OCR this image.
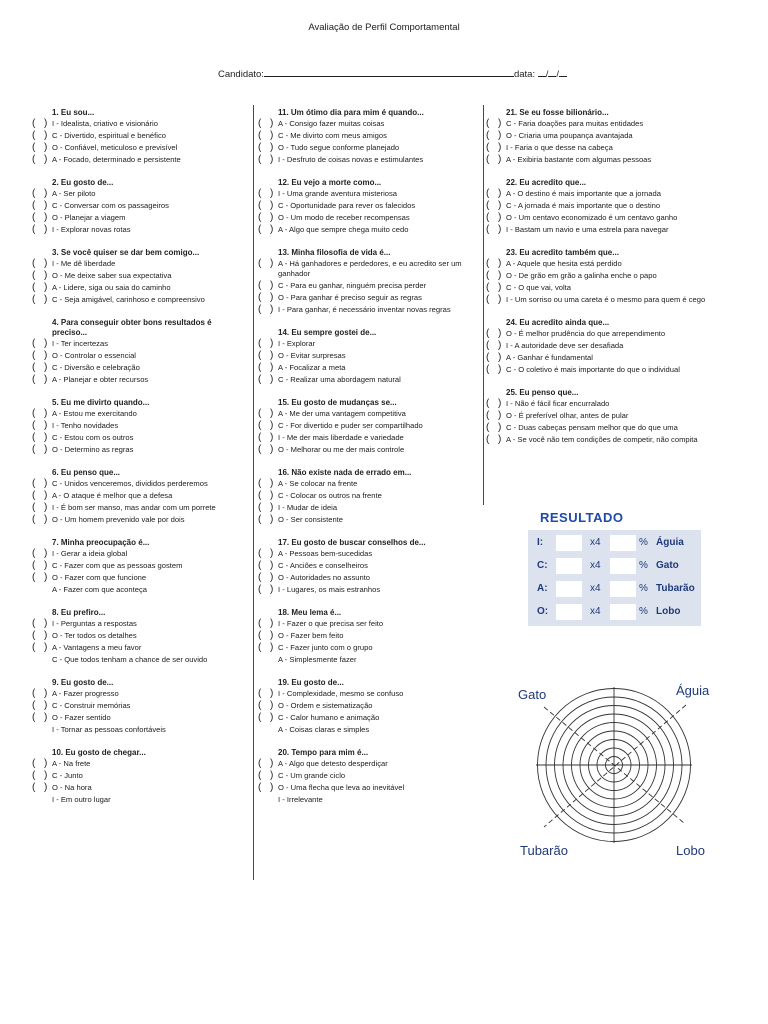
Avaliação de Perfil Comportamental
Candidato:	data: / /
1. Eu sou...
( ) I - Idealista, criativo e visionário
( ) C - Divertido, espiritual e benéfico
( ) O - Confiável, meticuloso e previsível
( ) A - Focado, determinado e persistente
2. Eu gosto de...
( ) A - Ser piloto
( ) C - Conversar com os passageiros
( ) O - Planejar a viagem
( ) I - Explorar novas rotas
3. Se você quiser se dar bem comigo...
( ) I - Me dê liberdade
( ) O - Me deixe saber sua expectativa
( ) A - Lidere, siga ou saia do caminho
( ) C - Seja amigável, carinhoso e compreensivo
4. Para conseguir obter bons resultados é preciso...
( ) I - Ter incertezas
( ) O - Controlar o essencial
( ) C - Diversão e celebração
( ) A - Planejar e obter recursos
5. Eu me divirto quando...
( ) A - Estou me exercitando
( ) I - Tenho novidades
( ) C - Estou com os outros
( ) O - Determino as regras
6. Eu penso que...
( ) C - Unidos venceremos, divididos perderemos
( ) A - O ataque é melhor que a defesa
( ) I - É bom ser manso, mas andar com um porrete
( ) O - Um homem prevenido vale por dois
7. Minha preocupação é...
( ) I - Gerar a ideia global
( ) C - Fazer com que as pessoas gostem
( ) O - Fazer com que funcione
A - Fazer com que aconteça
8. Eu prefiro...
( ) I - Perguntas a respostas
( ) O - Ter todos os detalhes
( ) A - Vantagens a meu favor
C - Que todos tenham a chance de ser ouvido
9. Eu gosto de...
( ) A - Fazer progresso
( ) C - Construir memórias
( ) O - Fazer sentido
I - Tornar as pessoas confortáveis
10. Eu gosto de chegar...
( ) A - Na frete
( ) C - Junto
( ) O - Na hora
I - Em outro lugar
11. Um ótimo dia para mim é quando...
( ) A - Consigo fazer muitas coisas
( ) C - Me divirto com meus amigos
( ) O - Tudo segue conforme planejado
( ) I - Desfruto de coisas novas e estimulantes
12. Eu vejo a morte como...
( ) I - Uma grande aventura misteriosa
( ) C - Oportunidade para rever os falecidos
( ) O - Um modo de receber recompensas
( ) A - Algo que sempre chega muito cedo
13. Minha filosofia de vida é...
( ) A - Há ganhadores e perdedores, e eu acredito ser um ganhador
( ) C - Para eu ganhar, ninguém precisa perder
( ) O - Para ganhar é preciso seguir as regras
( ) I - Para ganhar, é necessário inventar novas regras
14. Eu sempre gostei de...
( ) I - Explorar
( ) O - Evitar surpresas
( ) A - Focalizar a meta
( ) C - Realizar uma abordagem natural
15. Eu gosto de mudanças se...
( ) A - Me der uma vantagem competitiva
( ) C - For divertido e puder ser compartilhado
( ) I - Me der mais liberdade e variedade
( ) O - Melhorar ou me der mais controle
16. Não existe nada de errado em...
( ) A - Se colocar na frente
( ) C - Colocar os outros na frente
( ) I - Mudar de ideia
( ) O - Ser consistente
17. Eu gosto de buscar conselhos de...
( ) A - Pessoas bem-sucedidas
( ) C - Anciões e conselheiros
( ) O - Autoridades no assunto
( ) I - Lugares, os mais estranhos
18. Meu lema é...
( ) I - Fazer o que precisa ser feito
( ) O - Fazer bem feito
( ) C - Fazer junto com o grupo
A - Simplesmente fazer
19. Eu gosto de...
( ) I - Complexidade, mesmo se confuso
( ) O - Ordem e sistematização
( ) C - Calor humano e animação
A - Coisas claras e simples
20. Tempo para mim é...
( ) A - Algo que detesto desperdiçar
( ) C - Um grande ciclo
( ) O - Uma flecha que leva ao inevitável
I - Irrelevante
21. Se eu fosse bilionário...
( ) C - Faria doações para muitas entidades
( ) O - Criaria uma poupança avantajada
( ) I - Faria o que desse na cabeça
( ) A - Exibiria bastante com algumas pessoas
22. Eu acredito que...
( ) A - O destino é mais importante que a jornada
( ) C - A jornada é mais importante que o destino
( ) O - Um centavo economizado é um centavo ganho
( ) I - Bastam um navio e uma estrela para navegar
23. Eu acredito também que...
( ) A - Aquele que hesita está perdido
( ) O - De grão em grão a galinha enche o papo
( ) C - O que vai, volta
( ) I - Um sorriso ou uma careta é o mesmo para quem é cego
24. Eu acredito ainda que...
( ) O - É melhor prudência do que arrependimento
( ) I - A autoridade deve ser desafiada
( ) A - Ganhar é fundamental
( ) C - O coletivo é mais importante do que o individual
25. Eu penso que...
( ) I - Não é fácil ficar encurralado
( ) O - É preferível olhar, antes de pular
( ) C - Duas cabeças pensam melhor que do que uma
( ) A - Se você não tem condições de competir, não compita
RESULTADO
I:	x4	% Águia
C:	x4	% Gato
A:	x4	% Tubarão
O:	x4	% Lobo
Gato	Águia
Tubarão	Lobo
